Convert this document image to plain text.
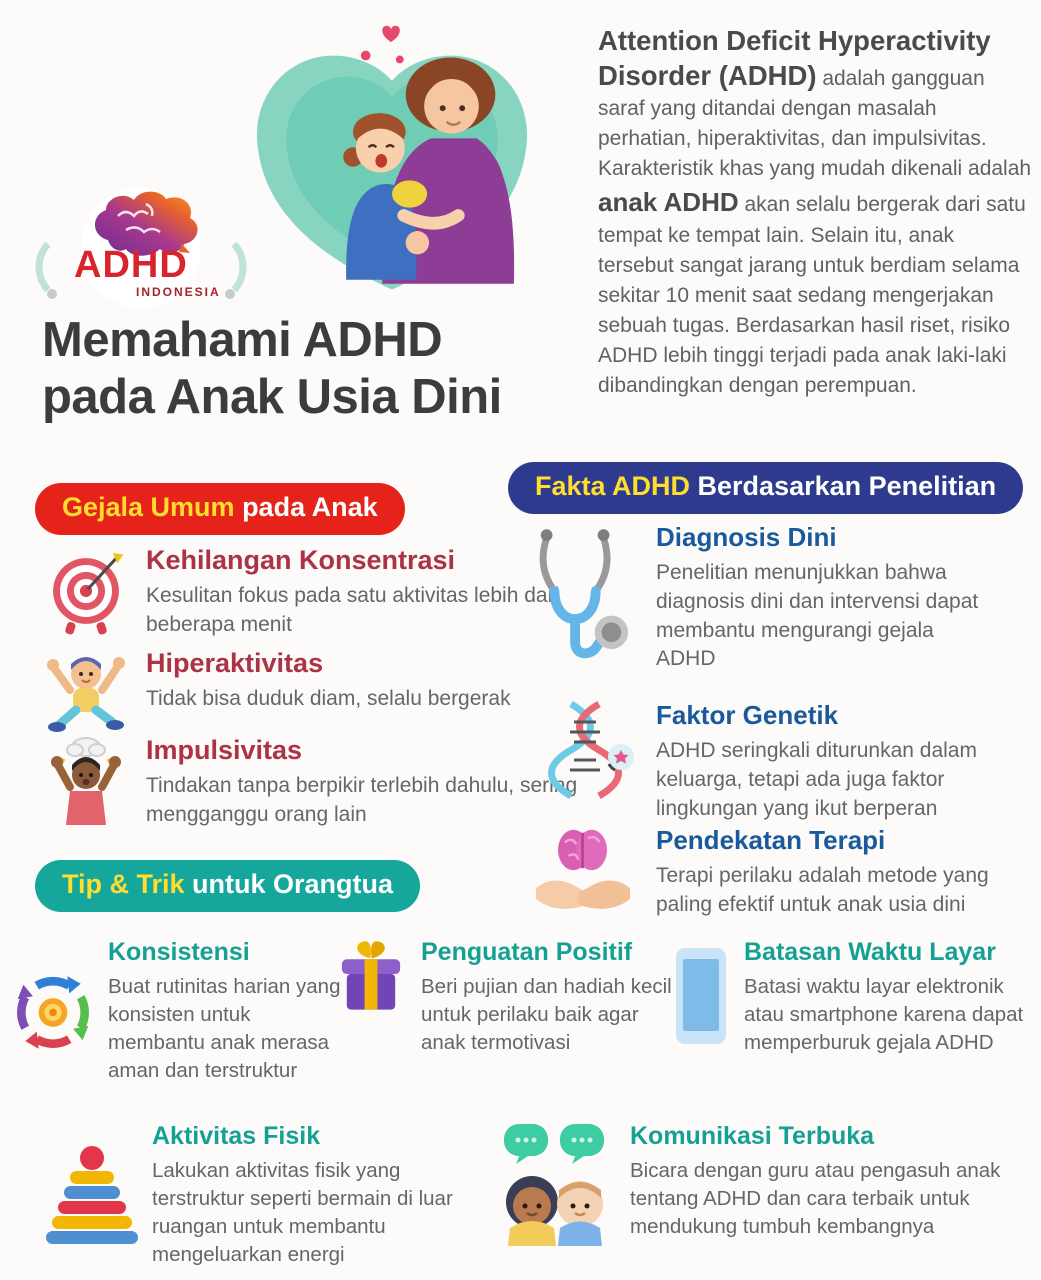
ADHD
INDONESIA
Memahami ADHD
pada Anak Usia Dini

Attention Deficit Hyperactivity Disorder (ADHD) adalah gangguan saraf yang ditandai dengan masalah perhatian, hiperaktivitas, dan impulsivitas. Karakteristik khas yang mudah dikenali adalah anak ADHD akan selalu bergerak dari satu tempat ke tempat lain. Selain itu, anak tersebut sangat jarang untuk berdiam selama sekitar 10 menit saat sedang mengerjakan sebuah tugas. Berdasarkan hasil riset, risiko ADHD lebih tinggi terjadi pada anak laki-laki dibandingkan dengan perempuan.

Gejala Umum pada Anak
Fakta ADHD Berdasarkan Penelitian
Tip & Trik untuk Orangtua
Kehilangan Konsentrasi

Kesulitan fokus pada satu aktivitas lebih dari beberapa menit

Hiperaktivitas

Tidak bisa duduk diam, selalu bergerak

Impulsivitas

Tindakan tanpa berpikir terlebih dahulu, sering mengganggu orang lain

Diagnosis Dini

Penelitian menunjukkan bahwa diagnosis dini dan intervensi dapat membantu mengurangi gejala ADHD

Faktor Genetik

ADHD seringkali diturunkan dalam keluarga, tetapi ada juga faktor lingkungan yang ikut berperan

Pendekatan Terapi

Terapi perilaku adalah metode yang paling efektif untuk anak usia dini

Konsistensi

Buat rutinitas harian yang konsisten untuk membantu anak merasa aman dan terstruktur

Penguatan Positif

Beri pujian dan hadiah kecil untuk perilaku baik agar anak termotivasi

Batasan Waktu Layar

Batasi waktu layar elektronik atau smartphone karena dapat memperburuk gejala ADHD

Aktivitas Fisik

Lakukan aktivitas fisik yang terstruktur seperti bermain di luar ruangan untuk membantu mengeluarkan energi

Komunikasi Terbuka

Bicara dengan guru atau pengasuh anak tentang ADHD dan cara terbaik untuk mendukung tumbuh kembangnya
